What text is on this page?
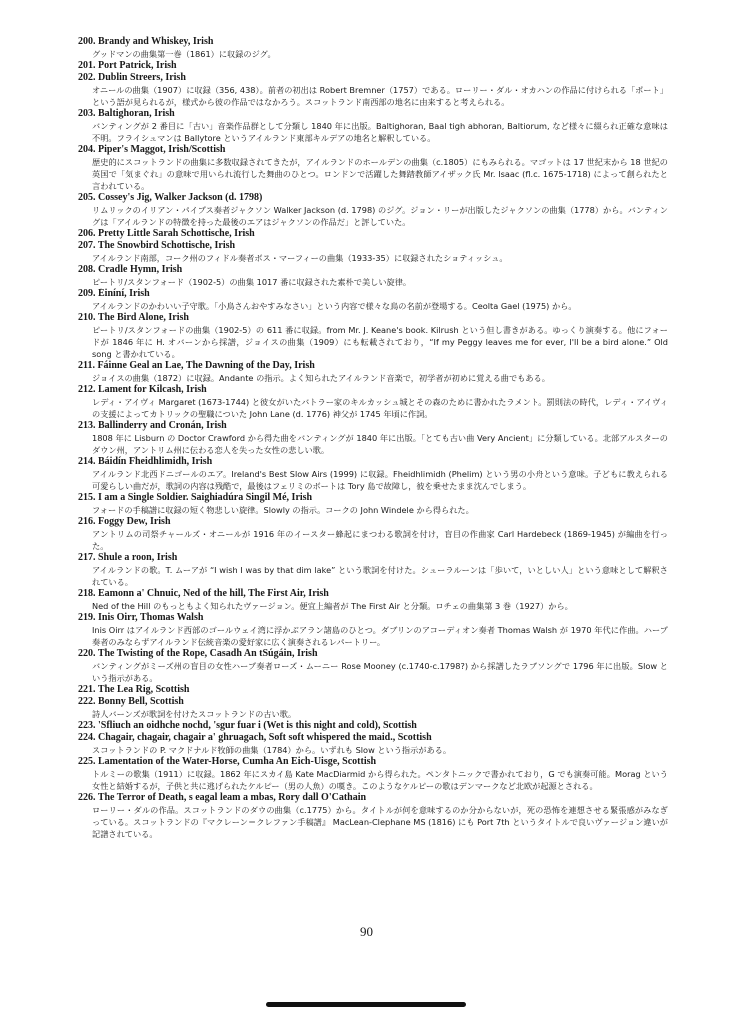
200. Brandy and Whiskey, Irish
グッドマンの曲集第一巻（1861）に収録のジグ。
201. Port Patrick, Irish
202. Dublin Streers, Irish
オニールの曲集（1907）に収録（356, 438）。前者の初出は Robert Bremner（1757）である。ローリー・ダル・オカハンの作品に付けられる「ポート」という語が見られるが，様式から彼の作品ではなかろう。スコットランド南西部の地名に由来すると考えられる。
203. Baltighoran, Irish
バンティングが 2 番目に「古い」音楽作品群として分類し 1840 年に出版。Baltighoran, Baal tigh abhoran, Baltiorum, など様々に綴られ正確な意味は不明。フライシュマンは Ballytore というアイルランド東部キルデアの地名と解釈している。
204. Piper's Maggot, Irish/Scottish
歴史的にスコットランドの曲集に多数収録されてきたが，アイルランドのホールデンの曲集（c.1805）にもみられる。マゴットは 17 世紀末から 18 世紀の英国で「気まぐれ」の意味で用いられ流行した舞曲のひとつ。ロンドンで活躍した舞踏教師アイザック氏 Mr. Isaac (fl.c. 1675-1718) によって創られたと言われている。
205. Cossey's Jig, Walker Jackson (d. 1798)
リムリックのイリアン・パイプス奏者ジャクソン Walker Jackson (d. 1798) のジグ。ジョン・リーが出版したジャクソンの曲集（1778）から。バンティングは「アイルランドの特徴を持った最後のエアはジャクソンの作品だ」と評していた。
206. Pretty Little Sarah Schottische, Irish
207. The Snowbird Schottische, Irish
アイルランド南部，コーク州のフィドル奏者ボス・マーフィーの曲集（1933-35）に収録されたショティッシュ。
208. Cradle Hymn, Irish
ピートリ/スタンフォード（1902-5）の曲集 1017 番に収録された素朴で美しい旋律。
209. Éiníní, Irish
アイルランドのかわいい子守歌。「小鳥さんおやすみなさい」という内容で様々な鳥の名前が登場する。Ceolta Gael (1975) から。
210. The Bird Alone, Irish
ピートリ/スタンフォードの曲集（1902-5）の 611 番に収録。from Mr. J. Keane's book. Kilrush という但し書きがある。ゆっくり演奏する。他にフォードが 1846 年に H. オバーンから採譜，ジョイスの曲集（1909）にも転載されており，“If my Peggy leaves me for ever, I'll be a bird alone.” Old song と書かれている。
211. Fáinne Geal an Lae, The Dawning of the Day, Irish
ジョイスの曲集（1872）に収録。Andante の指示。よく知られたアイルランド音楽で，初学者が初めに覚える曲でもある。
212. Lament for Kilcash, Irish
レディ・アイヴィ Margaret (1673-1744) と彼女がいたバトラー家のキルカッシュ城とその森のために書かれたラメント。罰則法の時代，レディ・アイヴィの支援によってカトリックの聖職についた John Lane (d. 1776) 神父が 1745 年頃に作詞。
213. Ballinderry and Cronán, Irish
1808 年に Lisburn の Doctor Crawford から得た曲をバンティングが 1840 年に出版。「とても古い曲 Very Ancient」に分類している。北部アルスターのダウン州，アントリム州に伝わる恋人を失った女性の悲しい歌。
214. Báidín Fheidhlimidh, Irish
アイルランド北西ドニゴールのエア。Ireland's Best Slow Airs (1999) に収録。Fheidhlimidh (Phelim) という男の小舟という意味。子どもに教えられる可愛らしい曲だが，歌詞の内容は残酷で，最後はフェリミのボートは Tory 島で故障し，彼を乗せたまま沈んでしまう。
215. I am a Single Soldier. Saighiadúra Singil Mé, Irish
フォードの手稿譜に収録の短く物悲しい旋律。Slowly の指示。コークの John Windele から得られた。
216. Foggy Dew, Irish
アントリムの司祭チャールズ・オニールが 1916 年のイースター蜂起にまつわる歌詞を付け，盲目の作曲家 Carl Hardebeck (1869-1945) が編曲を行った。
217. Shule a roon, Irish
アイルランドの歌。T. ムーアが “I wish I was by that dim lake” という歌詞を付けた。シューラルーンは「歩いて，いとしい人」という意味として解釈されている。
218. Eamonn a' Chnuic, Ned of the hill, The First Air, Irish
Ned of the Hill のもっともよく知られたヴァージョン。便宜上編者が The First Air と分類。ロチェの曲集第 3 巻（1927）から。
219. Inis Oirr, Thomas Walsh
Inis Oirr はアイルランド西部のゴールウェイ湾に浮かぶアラン諸島のひとつ。ダブリンのアコーディオン奏者 Thomas Walsh が 1970 年代に作曲。ハープ奏者のみならずアイルランド伝統音楽の愛好家に広く演奏されるレパートリー。
220. The Twisting of the Rope, Casadh An tSúgáin, Irish
バンティングがミーズ州の盲目の女性ハープ奏者ローズ・ムーニー Rose Mooney (c.1740-c.1798?) から採譜したラブソングで 1796 年に出版。Slow という指示がある。
221. The Lea Rig, Scottish
222. Bonny Bell, Scottish
詩人バーンズが歌詞を付けたスコットランドの古い歌。
223. 'Sfliuch an oidhche nochd, 'sgur fuar i (Wet is this night and cold), Scottish
224. Chagair, chagair, chagair a' ghruagach, Soft soft whispered the maid., Scottish
スコットランドの P. マクドナルド牧師の曲集（1784）から。いずれも Slow という指示がある。
225. Lamentation of the Water-Horse, Cumha An Eich-Uisge, Scottish
トルミーの歌集（1911）に収録。1862 年にスカイ島 Kate MacDiarmid から得られた。ペンタトニックで書かれており，G でも演奏可能。Morag という女性と結婚するが，子供と共に逃げられたケルピー（男の人魚）の嘆き。このようなケルピーの歌はデンマークなど北欧が起源とされる。
226. The Terror of Death, s eagal leam a mbas, Rory dall O'Cathain
ローリー・ダルの作品。スコットランドのダウの曲集（c.1775）から。タイトルが何を意味するのか分からないが，死の恐怖を連想させる緊張感がみなぎっている。スコットランドの『マクレーン＝クレファン手稿譜』 MacLean-Clephane MS (1816) にも Port 7th というタイトルで良いヴァージョン違いが記譜されている。
90
